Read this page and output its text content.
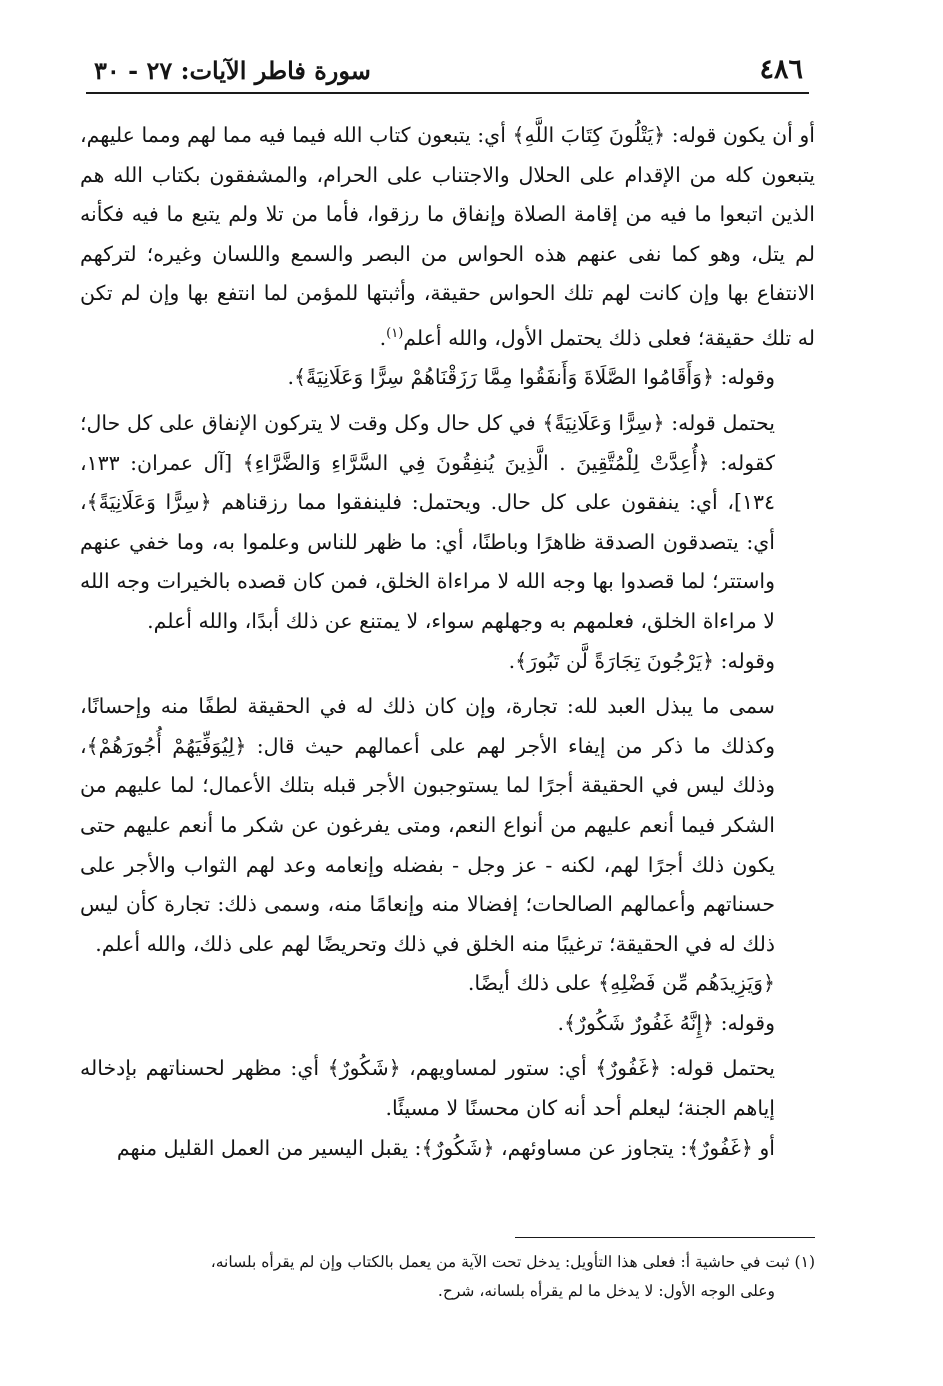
٤٨٦
سورة فاطر الآيات: ٢٧ - ٣٠

أو أن يكون قوله: ﴿يَتْلُونَ كِتَابَ اللَّهِ﴾ أي: يتبعون كتاب الله فيما فيه مما لهم ومما عليهم، يتبعون كله من الإقدام على الحلال والاجتناب على الحرام، والمشفقون بكتاب الله هم الذين اتبعوا ما فيه من إقامة الصلاة وإنفاق ما رزقوا، فأما من تلا ولم يتبع ما فيه فكأنه لم يتل، وهو كما نفى عنهم هذه الحواس من البصر والسمع واللسان وغيره؛ لتركهم الانتفاع بها وإن كانت لهم تلك الحواس حقيقة، وأثبتها للمؤمن لما انتفع بها وإن لم تكن له تلك حقيقة؛ فعلى ذلك يحتمل الأول، والله أعلم$^{(١)}$.

وقوله: ﴿وَأَقَامُوا الصَّلَاةَ وَأَنفَقُوا مِمَّا رَزَقْنَاهُمْ سِرًّا وَعَلَانِيَةً﴾.

يحتمل قوله: ﴿سِرًّا وَعَلَانِيَةً﴾ في كل حال وكل وقت لا يتركون الإنفاق على كل حال؛ كقوله: ﴿أُعِدَّتْ لِلْمُتَّقِينَ . الَّذِينَ يُنفِقُونَ فِي السَّرَّاءِ وَالضَّرَّاءِ﴾ [آل عمران: ١٣٣، ١٣٤]، أي: ينفقون على كل حال. ويحتمل: فلينفقوا مما رزقناهم ﴿سِرًّا وَعَلَانِيَةً﴾، أي: يتصدقون الصدقة ظاهرًا وباطنًا، أي: ما ظهر للناس وعلموا به، وما خفي عنهم واستتر؛ لما قصدوا بها وجه الله لا مراءاة الخلق، فمن كان قصده بالخيرات وجه الله لا مراءاة الخلق، فعلمهم به وجهلهم سواء، لا يمتنع عن ذلك أبدًا، والله أعلم.

وقوله: ﴿يَرْجُونَ تِجَارَةً لَّن تَبُورَ﴾.

سمى ما يبذل العبد لله: تجارة، وإن كان ذلك له في الحقيقة لطفًا منه وإحسانًا، وكذلك ما ذكر من إيفاء الأجر لهم على أعمالهم حيث قال: ﴿لِيُوَفِّيَهُمْ أُجُورَهُمْ﴾، وذلك ليس في الحقيقة أجرًا لما يستوجبون الأجر قبله بتلك الأعمال؛ لما عليهم من الشكر فيما أنعم عليهم من أنواع النعم، ومتى يفرغون عن شكر ما أنعم عليهم حتى يكون ذلك أجرًا لهم، لكنه - عز وجل - بفضله وإنعامه وعد لهم الثواب والأجر على حسناتهم وأعمالهم الصالحات؛ إفضالا منه وإنعامًا منه، وسمى ذلك: تجارة كأن ليس ذلك له في الحقيقة؛ ترغيبًا منه الخلق في ذلك وتحريضًا لهم على ذلك، والله أعلم.

﴿وَيَزِيدَهُم مِّن فَضْلِهِ﴾ على ذلك أيضًا.

وقوله: ﴿إِنَّهُ غَفُورٌ شَكُورٌ﴾.

يحتمل قوله: ﴿غَفُورٌ﴾ أي: ستور لمساويهم، ﴿شَكُورٌ﴾ أي: مظهر لحسناتهم بإدخاله إياهم الجنة؛ ليعلم أحد أنه كان محسنًا لا مسيئًا.

أو ﴿غَفُورٌ﴾: يتجاوز عن مساوئهم، ﴿شَكُورٌ﴾: يقبل اليسير من العمل القليل منهم

(١) ثبت في حاشية أ: فعلى هذا التأويل: يدخل تحت الآية من يعمل بالكتاب وإن لم يقرأه بلسانه،

وعلى الوجه الأول: لا يدخل ما لم يقرأه بلسانه، شرح.
